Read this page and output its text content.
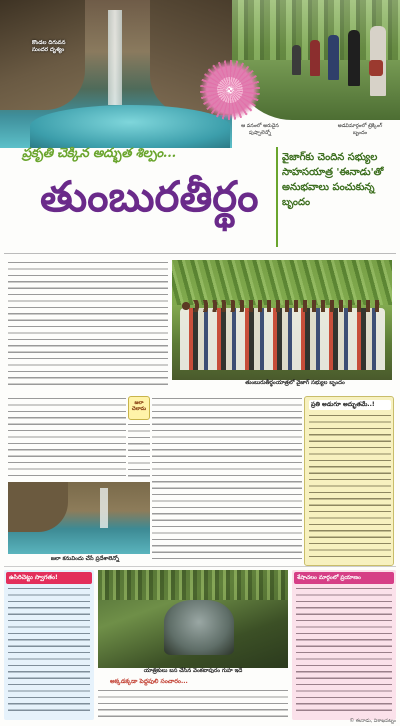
కొండల దిగువన సుందర దృశ్యం
ఆ వనంలో అరుదైన పుష్పాలెన్నో
అడవిమార్గంలో ట్రెక్కింగ్ బృందం
ప్రకృతి చెక్కిన అద్భుత శిల్పం...
తుంబురతీర్థం
వైజాగ్‌కు చెందిన సభ్యుల సాహసయాత్ర 'ఈనాడు'తో అనుభవాలు పంచుకున్న బృందం
తుంబురుతీర్థంయాత్రలో వైజాగ్ సభ్యుల బృందం
జలా చెలామ
జలా కనువిందు చేసే ప్రదేశాలెన్నో
ప్రతి అడుగూ అద్భుతమే..!
ఉసిరిచెట్టు స్వాగతం!
యాత్రికులు బస చేసిన వెంకటాపురం గుహ ఇదే
అక్కడక్కడా పెద్దపులి సంచారం...
శేషాచలం మార్గంలో ప్రయాణం
© ఈనాడు, విశాఖపట్నం
